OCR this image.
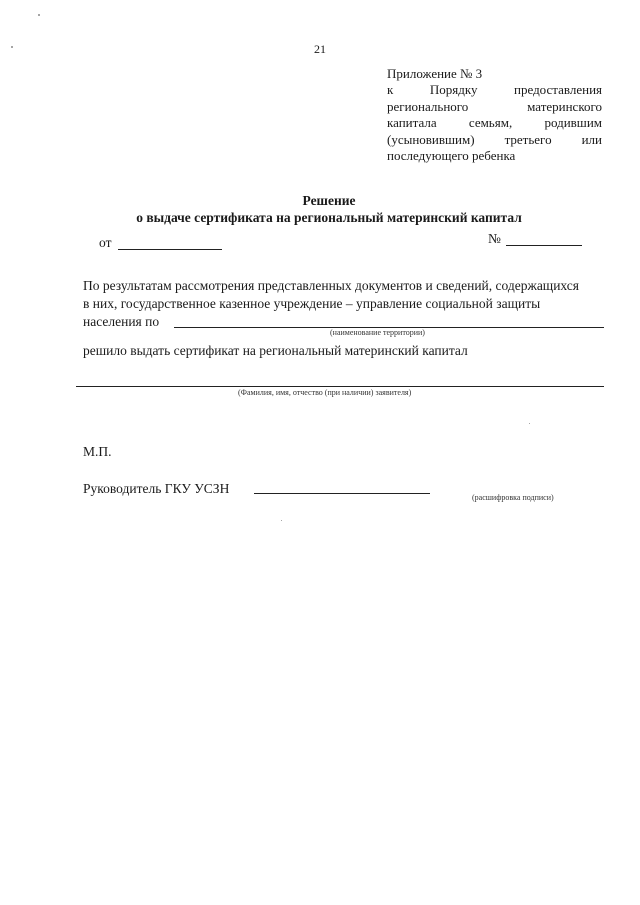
21
Приложение № 3
к Порядку предоставления
регионального материнского
капитала семьям, родившим
(усыновившим) третьего или
последующего ребенка
Решение
о выдаче сертификата на региональный материнский капитал
от	№
По результатам рассмотрения представленных документов и сведений, содержащихся
в них, государственное казенное учреждение – управление социальной защиты
населения по
(наименование территории)
решило выдать сертификат на региональный материнский капитал
(Фамилия, имя, отчество (при наличии) заявителя)
М.П.
Руководитель ГКУ УСЗН
(расшифровка подписи)
